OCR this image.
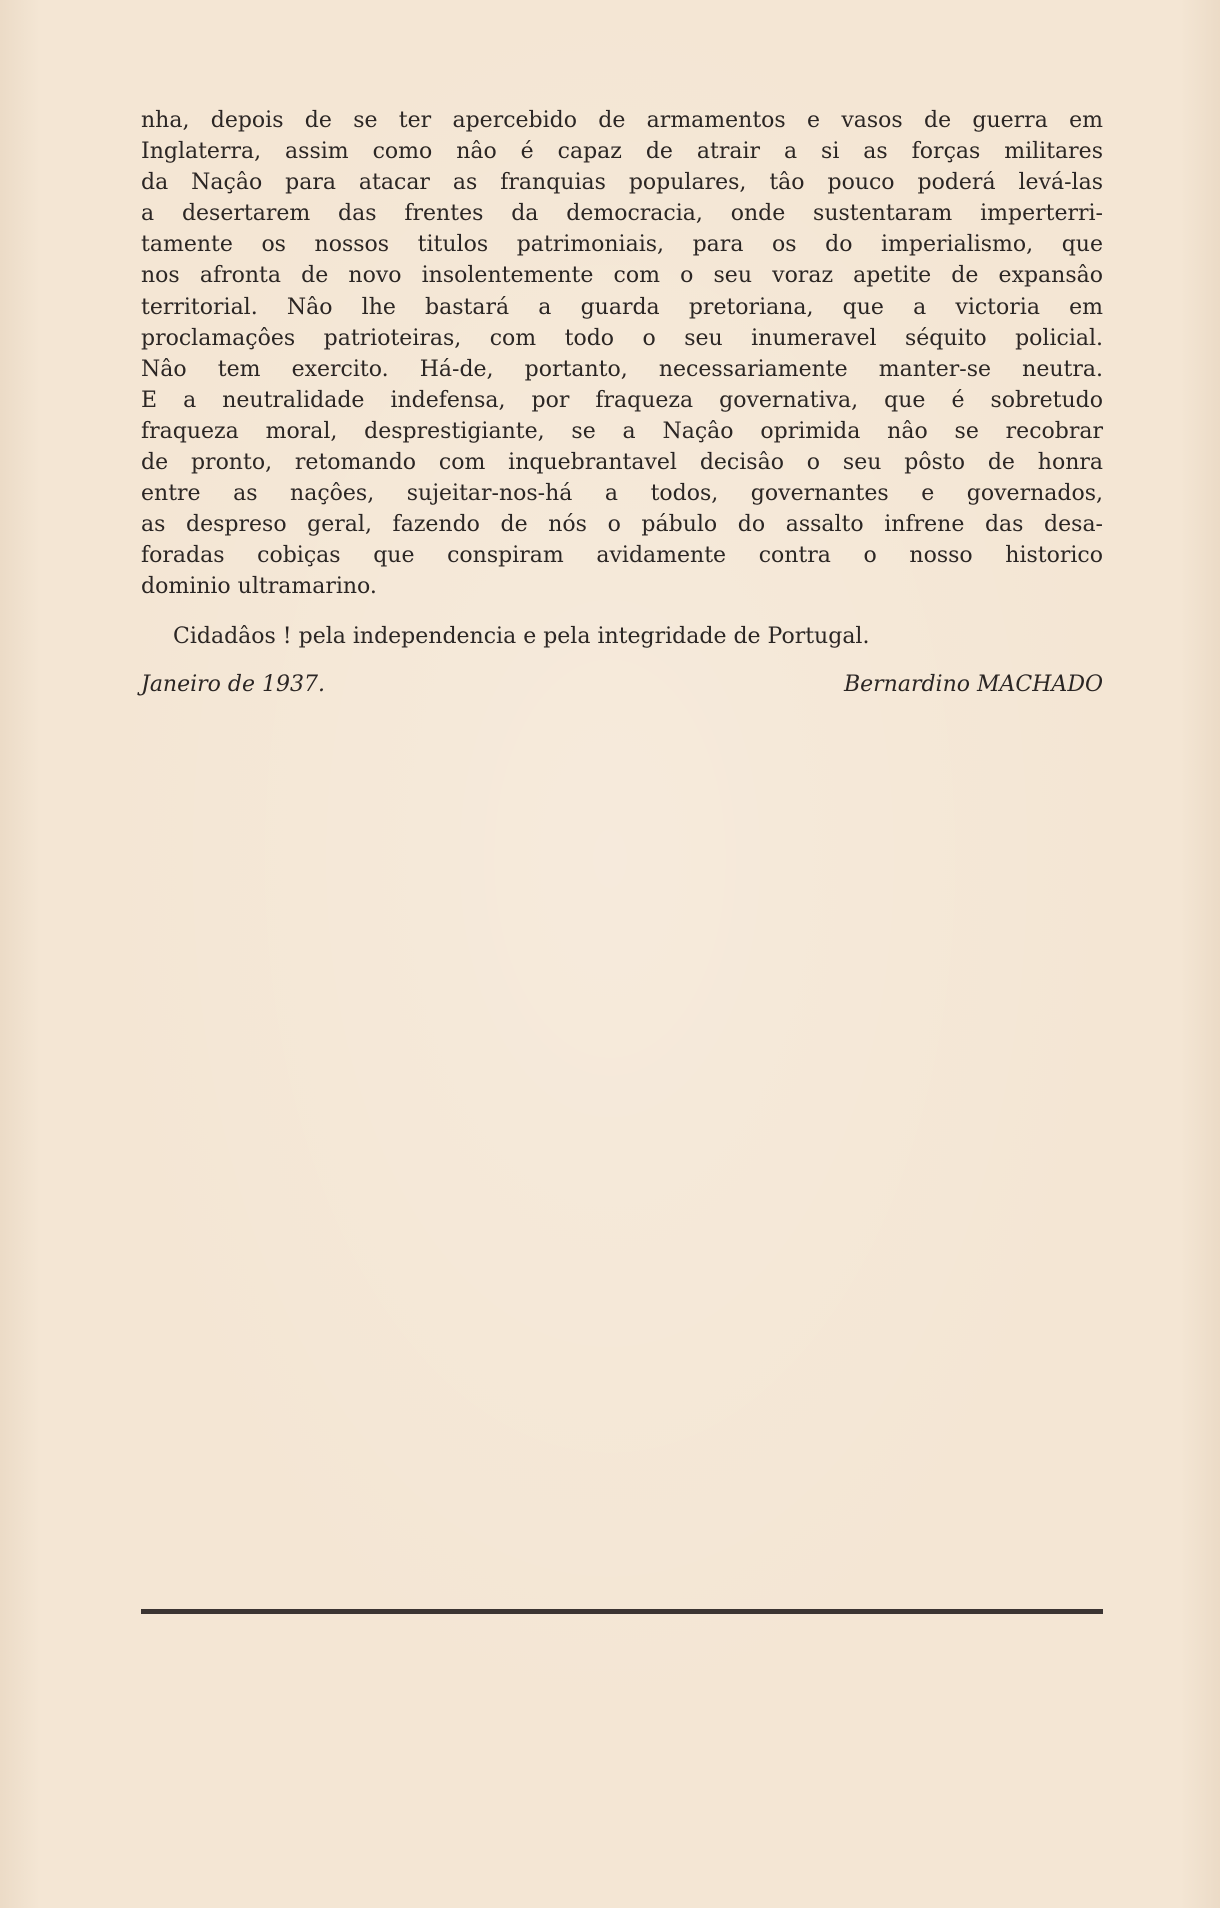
nha, depois de se ter apercebido de armamentos e vasos de guerra em
Inglaterra, assim como nâo é capaz de atrair a si as forças militares
da Naçâo para atacar as franquias populares, tâo pouco poderá levá-las
a desertarem das frentes da democracia, onde sustentaram imperterri-
tamente os nossos titulos patrimoniais, para os do imperialismo, que
nos afronta de novo insolentemente com o seu voraz apetite de expansâo
territorial. Nâo lhe bastará a guarda pretoriana, que a victoria em
proclamaçôes patrioteiras, com todo o seu inumeravel séquito policial.
Nâo tem exercito. Há-de, portanto, necessariamente manter-se neutra.
E a neutralidade indefensa, por fraqueza governativa, que é sobretudo
fraqueza moral, desprestigiante, se a Naçâo oprimida nâo se recobrar
de pronto, retomando com inquebrantavel decisâo o seu pôsto de honra
entre as naçôes, sujeitar-nos-há a todos, governantes e governados,
as despreso geral, fazendo de nós o pábulo do assalto infrene das desa-
foradas cobiças que conspiram avidamente contra o nosso historico
dominio ultramarino.
Cidadâos ! pela independencia e pela integridade de Portugal.
Janeiro de 1937.	Bernardino MACHADO
